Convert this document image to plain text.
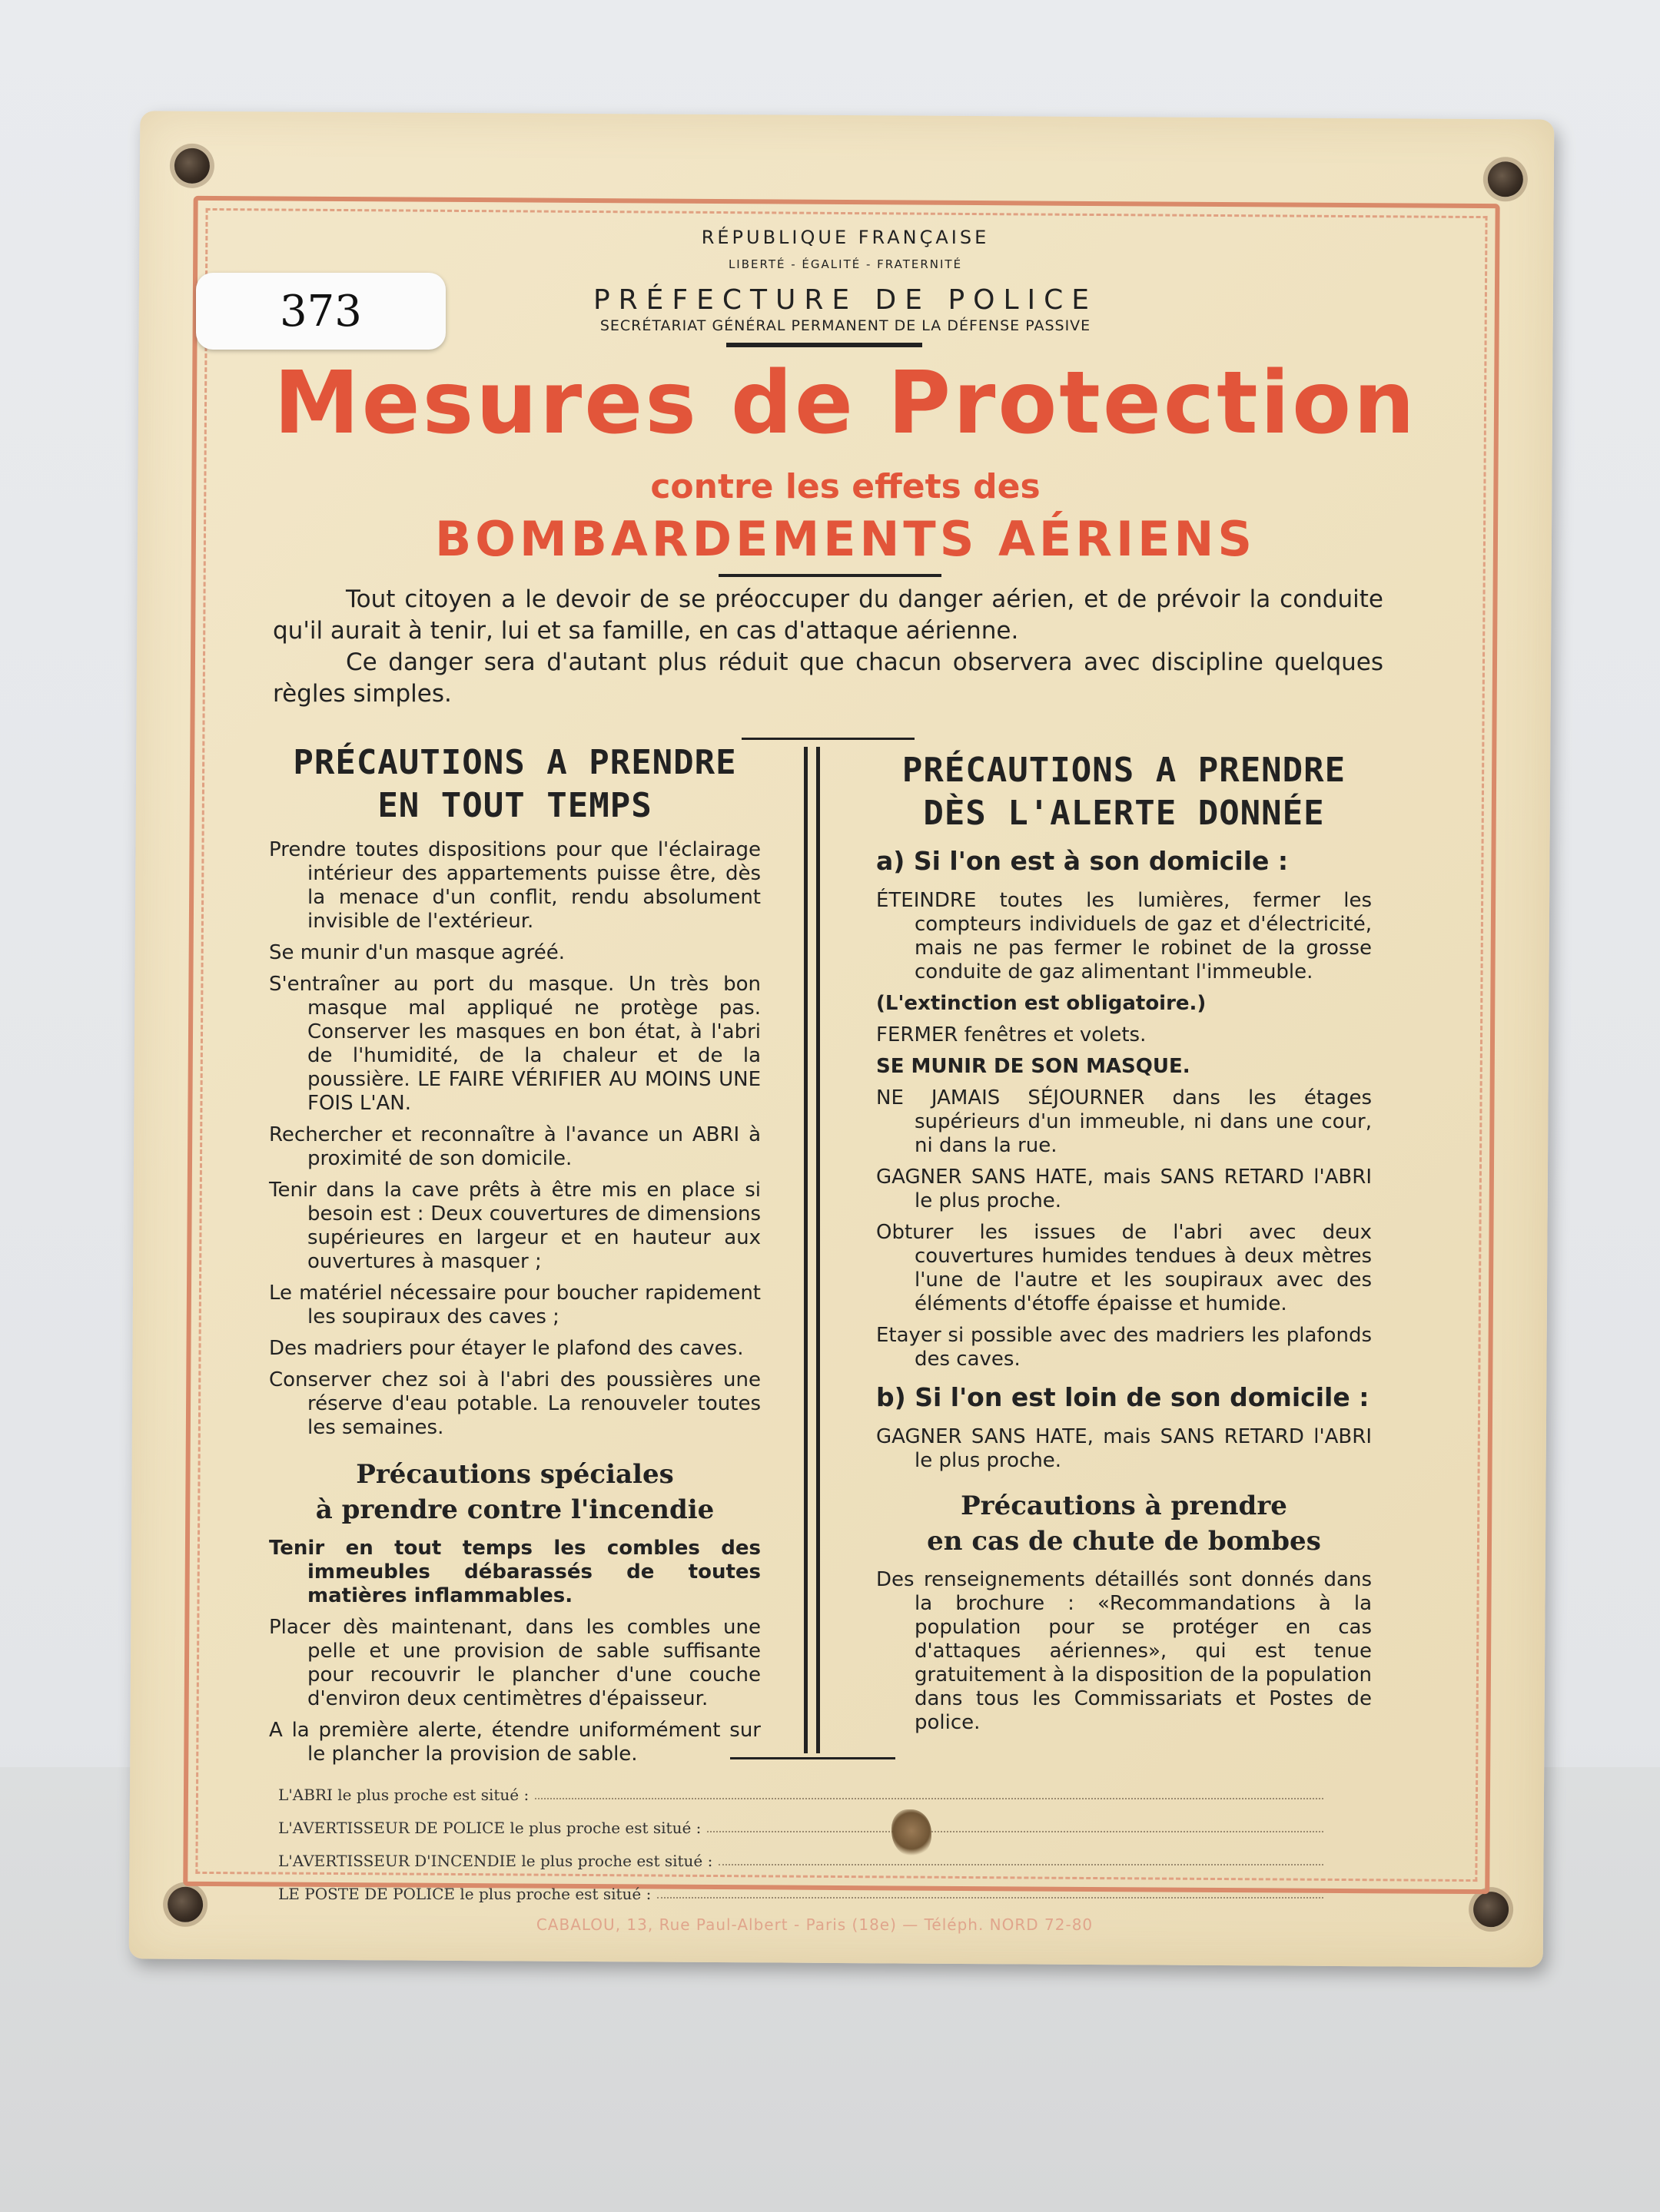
373
RÉPUBLIQUE FRANÇAISE
LIBERTÉ - ÉGALITÉ - FRATERNITÉ
PRÉFECTURE DE POLICE
SECRÉTARIAT GÉNÉRAL PERMANENT DE LA DÉFENSE PASSIVE
Mesures de Protection
contre les effets des
BOMBARDEMENTS AÉRIENS

Tout citoyen a le devoir de se préoccuper du danger aérien, et de prévoir la conduite qu'il aurait à tenir, lui et sa famille, en cas d'attaque aérienne.

Ce danger sera d'autant plus réduit que chacun observera avec discipline quelques règles simples.

PRÉCAUTIONS A PRENDRE
EN TOUT TEMPS

Prendre toutes dispositions pour que l'éclairage intérieur des appartements puisse être, dès la menace d'un conflit, rendu absolument invisible de l'extérieur.

Se munir d'un masque agréé.

S'entraîner au port du masque. Un très bon masque mal appliqué ne protège pas. Conserver les masques en bon état, à l'abri de l'humidité, de la chaleur et de la poussière. LE FAIRE VÉRIFIER AU MOINS UNE FOIS L'AN.

Rechercher et reconnaître à l'avance un ABRI à proximité de son domicile.

Tenir dans la cave prêts à être mis en place si besoin est : Deux couvertures de dimensions supérieures en largeur et en hauteur aux ouvertures à masquer ;

Le matériel nécessaire pour boucher rapidement les soupiraux des caves ;

Des madriers pour étayer le plafond des caves.

Conserver chez soi à l'abri des poussières une réserve d'eau potable. La renouveler toutes les semaines.

Précautions spéciales
à prendre contre l'incendie

Tenir en tout temps les combles des immeubles débarassés de toutes matières inflammables.

Placer dès maintenant, dans les combles une pelle et une provision de sable suffisante pour recouvrir le plancher d'une couche d'environ deux centimètres d'épaisseur.

A la première alerte, étendre uniformément sur le plancher la provision de sable.

PRÉCAUTIONS A PRENDRE
DÈS L'ALERTE DONNÉE
a) Si l'on est à son domicile :

ÉTEINDRE toutes les lumières, fermer les compteurs individuels de gaz et d'électricité, mais ne pas fermer le robinet de la grosse conduite de gaz alimentant l'immeuble.

(L'extinction est obligatoire.)

FERMER fenêtres et volets.

SE MUNIR DE SON MASQUE.

NE JAMAIS SÉJOURNER dans les étages supérieurs d'un immeuble, ni dans une cour, ni dans la rue.

GAGNER SANS HATE, mais SANS RETARD l'ABRI le plus proche.

Obturer les issues de l'abri avec deux couvertures humides tendues à deux mètres l'une de l'autre et les soupiraux avec des éléments d'étoffe épaisse et humide.

Etayer si possible avec des madriers les plafonds des caves.

b) Si l'on est loin de son domicile :

GAGNER SANS HATE, mais SANS RETARD l'ABRI le plus proche.

Précautions à prendre
en cas de chute de bombes

Des renseignements détaillés sont donnés dans la brochure : «Recommandations à la population pour se protéger en cas d'attaques aériennes», qui est tenue gratuitement à la disposition de la population dans tous les Commissariats et Postes de police.

L'ABRI le plus proche est situé :
L'AVERTISSEUR DE POLICE le plus proche est situé :
L'AVERTISSEUR D'INCENDIE le plus proche est situé :
LE POSTE DE POLICE le plus proche est situé :
CABALOU, 13, Rue Paul-Albert - Paris (18e) — Téléph. NORD 72-80
